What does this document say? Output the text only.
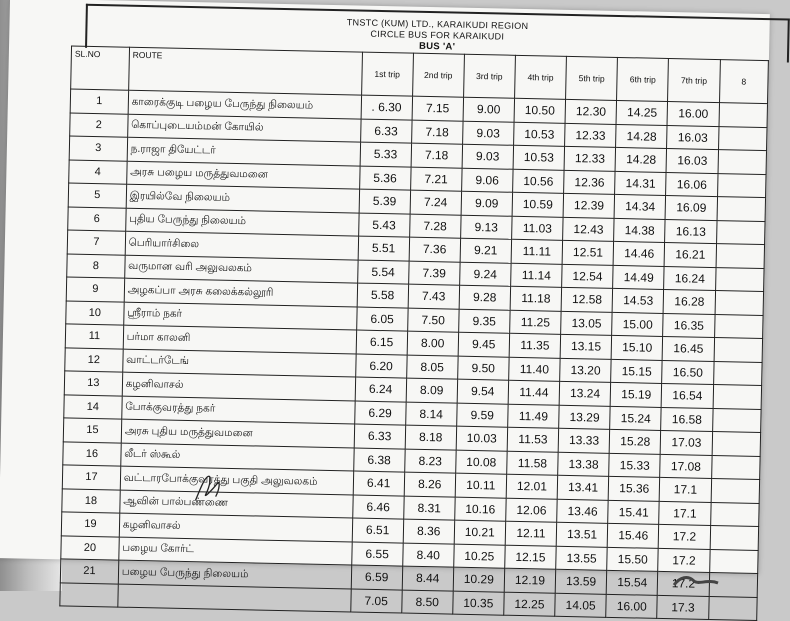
TNSTC (KUM) LTD., KARAIKUDI REGION
CIRCLE BUS FOR KARAIKUDI
BUS 'A'
SL.NO	ROUTE	1st trip	2nd trip	3rd trip	4th trip	5th trip	6th trip	7th trip	8
1	காரைக்குடி பழைய பேருந்து நிலையம்	. 6.30	7.15	9.00	10.50	12.30	14.25	16.00	
2	கொப்புடையம்மன் கோயில்	6.33	7.18	9.03	10.53	12.33	14.28	16.03	
3	ந.ராஜா தியேட்டர்	5.33	7.18	9.03	10.53	12.33	14.28	16.03	
4	அரசு பழைய மருத்துவமனை	5.36	7.21	9.06	10.56	12.36	14.31	16.06	
5	இரயில்வே நிலையம்	5.39	7.24	9.09	10.59	12.39	14.34	16.09	
6	புதிய பேருந்து நிலையம்	5.43	7.28	9.13	11.03	12.43	14.38	16.13	
7	பெரியார்சிலை	5.51	7.36	9.21	11.11	12.51	14.46	16.21	
8	வருமான வரி அலுவலகம்	5.54	7.39	9.24	11.14	12.54	14.49	16.24	
9	அழகப்பா அரசு கலைக்கல்லூரி	5.58	7.43	9.28	11.18	12.58	14.53	16.28	
10	ஸ்ரீராம் நகர்	6.05	7.50	9.35	11.25	13.05	15.00	16.35	
11	பர்மா காலனி	6.15	8.00	9.45	11.35	13.15	15.10	16.45	
12	வாட்டர்டேங்	6.20	8.05	9.50	11.40	13.20	15.15	16.50	
13	கழனிவாசல்	6.24	8.09	9.54	11.44	13.24	15.19	16.54	
14	போக்குவரத்து நகர்	6.29	8.14	9.59	11.49	13.29	15.24	16.58	
15	அரசு புதிய மருத்துவமனை	6.33	8.18	10.03	11.53	13.33	15.28	17.03	
16	லீடர் ஸ்கூல்	6.38	8.23	10.08	11.58	13.38	15.33	17.08	
17	வட்டாரபோக்குவரத்து பகுதி அலுவலகம்	6.41	8.26	10.11	12.01	13.41	15.36	17.1	
18	ஆவின் பால்பண்ணை	6.46	8.31	10.16	12.06	13.46	15.41	17.1	
19	கழனிவாசல்	6.51	8.36	10.21	12.11	13.51	15.46	17.2	
20	பழைய கோர்ட்	6.55	8.40	10.25	12.15	13.55	15.50	17.2	
21	பழைய பேருந்து நிலையம்	6.59	8.44	10.29	12.19	13.59	15.54	17.2	
		7.05	8.50	10.35	12.25	14.05	16.00	17.3	
